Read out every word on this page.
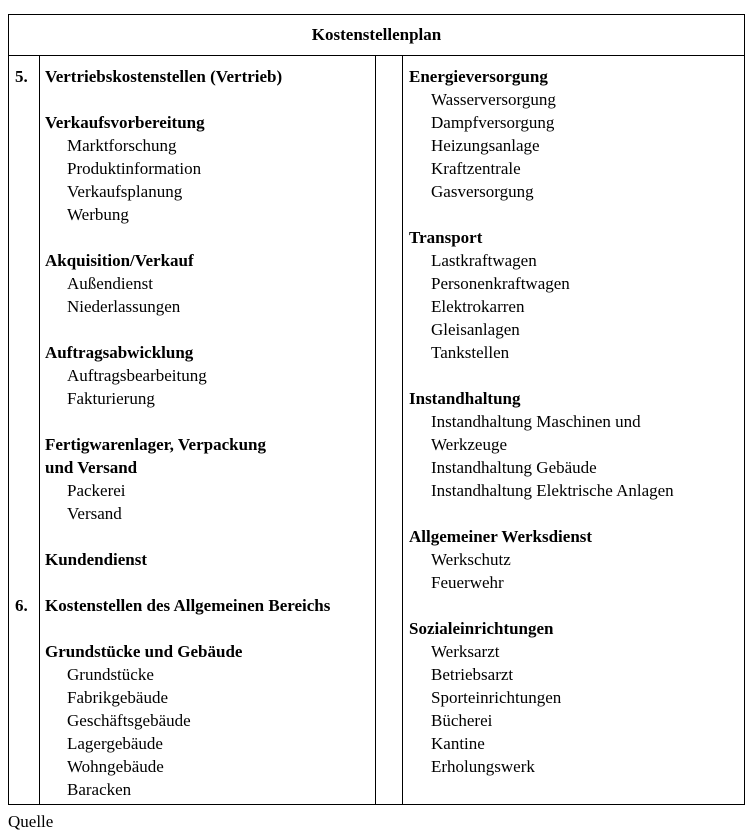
Kostenstellenplan
5.
6.
Vertriebskostenstellen (Vertrieb)
Verkaufsvorbereitung
Marktforschung
Produktinformation
Verkaufsplanung
Werbung
Akquisition/Verkauf
Außendienst
Niederlassungen
Auftragsabwicklung
Auftragsbearbeitung
Fakturierung
Fertigwarenlager, Verpackung
und Versand
Packerei
Versand
Kundendienst
Kostenstellen des Allgemeinen Bereichs
Grundstücke und Gebäude
Grundstücke
Fabrikgebäude
Geschäftsgebäude
Lagergebäude
Wohngebäude
Baracken
Energieversorgung
Wasserversorgung
Dampfversorgung
Heizungsanlage
Kraftzentrale
Gasversorgung
Transport
Lastkraftwagen
Personenkraftwagen
Elektrokarren
Gleisanlagen
Tankstellen
Instandhaltung
Instandhaltung Maschinen und
Werkzeuge
Instandhaltung Gebäude
Instandhaltung Elektrische Anlagen
Allgemeiner Werksdienst
Werkschutz
Feuerwehr
Sozialeinrichtungen
Werksarzt
Betriebsarzt
Sporteinrichtungen
Bücherei
Kantine
Erholungswerk
Quelle
